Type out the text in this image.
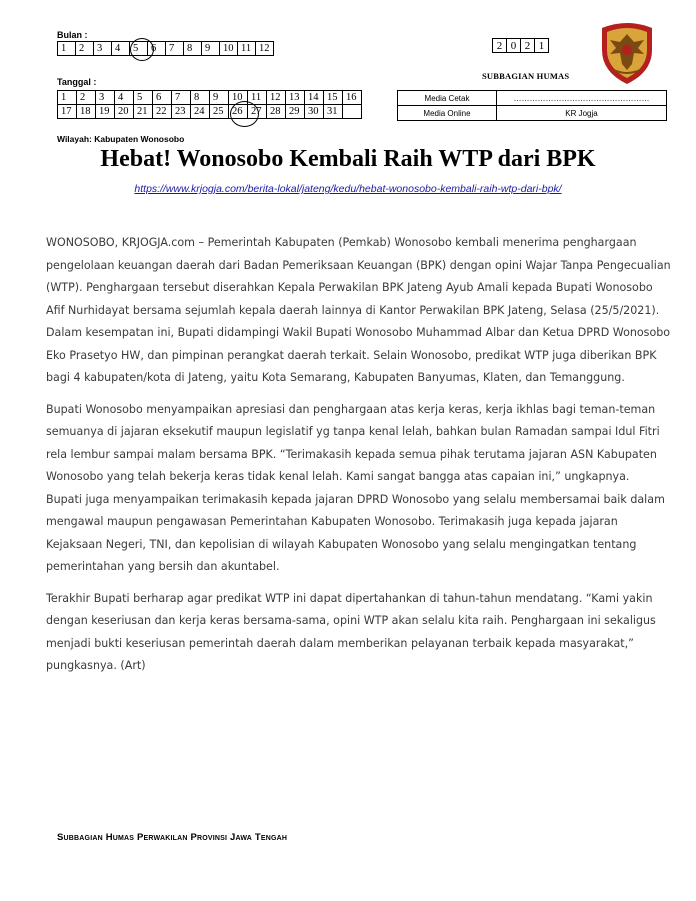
Bulan :
1	2	3	4	5	6	7	8	9	10	11	12	2	0	2	1
SUBBAGIAN HUMAS
Tanggal :
1	2	3	4	5	6	7	8	9	10	11	12	13	14	15	16
17	18	19	20	21	22	23	24	25	26	27	28	29	30	31	
Media Cetak	……………………………………………
Media Online	KR Jogja
Wilayah: Kabupaten Wonosobo
Hebat! Wonosobo Kembali Raih WTP dari BPK
https://www.krjogja.com/berita-lokal/jateng/kedu/hebat-wonosobo-kembali-raih-wtp-dari-bpk/

WONOSOBO, KRJOGJA.com – Pemerintah Kabupaten (Pemkab) Wonosobo kembali menerima penghargaan pengelolaan keuangan daerah dari Badan Pemeriksaan Keuangan (BPK) dengan opini Wajar Tanpa Pengecualian (WTP). Penghargaan tersebut diserahkan Kepala Perwakilan BPK Jateng Ayub Amali kepada Bupati Wonosobo Afif Nurhidayat bersama sejumlah kepala daerah lainnya di Kantor Perwakilan BPK Jateng, Selasa (25/5/2021).

Dalam kesempatan ini, Bupati didampingi Wakil Bupati Wonosobo Muhammad Albar dan Ketua DPRD Wonosobo Eko Prasetyo HW, dan pimpinan perangkat daerah terkait. Selain Wonosobo, predikat WTP juga diberikan BPK bagi 4 kabupaten/kota di Jateng, yaitu Kota Semarang, Kabupaten Banyumas, Klaten, dan Temanggung.

Bupati Wonosobo menyampaikan apresiasi dan penghargaan atas kerja keras, kerja ikhlas bagi teman-teman semuanya di jajaran eksekutif maupun legislatif yg tanpa kenal lelah, bahkan bulan Ramadan sampai Idul Fitri rela lembur sampai malam bersama BPK. “Terimakasih kepada semua pihak terutama jajaran ASN Kabupaten Wonosobo yang telah bekerja keras tidak kenal lelah. Kami sangat bangga atas capaian ini,” ungkapnya.

Bupati juga menyampaikan terimakasih kepada jajaran DPRD Wonosobo yang selalu membersamai baik dalam mengawal maupun pengawasan Pemerintahan Kabupaten Wonosobo. Terimakasih juga kepada jajaran Kejaksaan Negeri, TNI, dan kepolisian di wilayah Kabupaten Wonosobo yang selalu mengingatkan tentang pemerintahan yang bersih dan akuntabel.

Terakhir Bupati berharap agar predikat WTP ini dapat dipertahankan di tahun-tahun mendatang. “Kami yakin dengan keseriusan dan kerja keras bersama-sama, opini WTP akan selalu kita raih. Penghargaan ini sekaligus menjadi bukti keseriusan pemerintah daerah dalam memberikan pelayanan terbaik kepada masyarakat,” pungkasnya. (Art)

Subbagian Humas Perwakilan Provinsi Jawa Tengah
